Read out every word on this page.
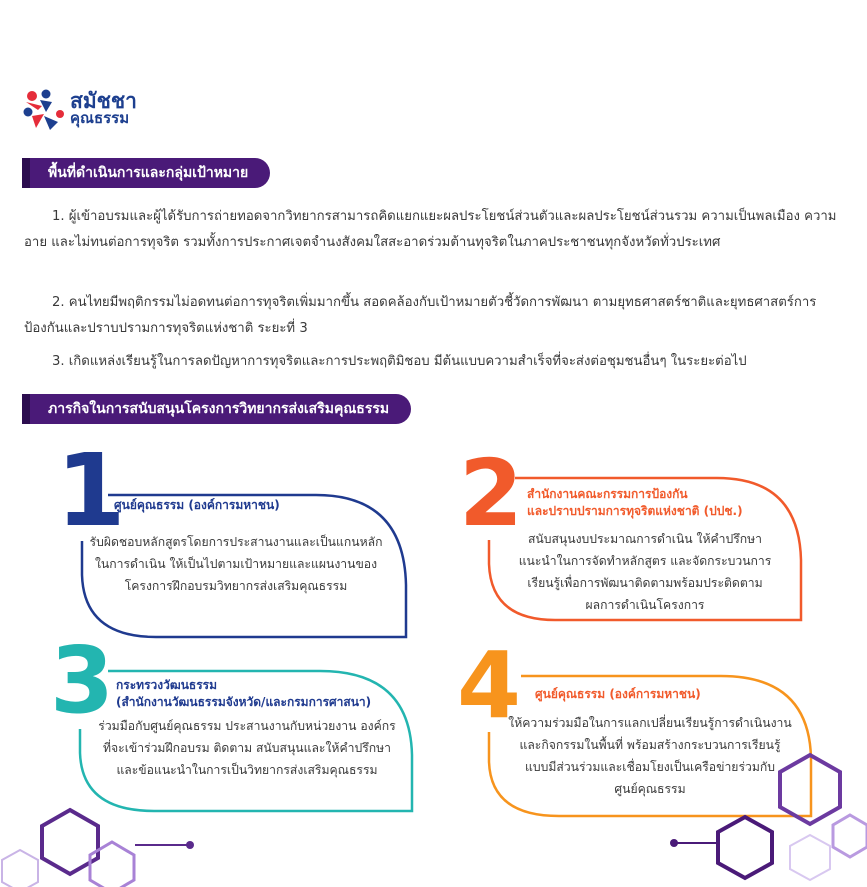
สมัชชา
คุณธรรม
พื้นที่ดำเนินการและกลุ่มเป้าหมาย
1. ผู้เข้าอบรมและผู้ได้รับการถ่ายทอดจากวิทยากรสามารถคิดแยกแยะผลประโยชน์ส่วนตัวและผลประโยชน์ส่วนรวม ความเป็นพลเมือง ความอาย และไม่ทนต่อการทุจริต รวมทั้งการประกาศเจตจำนงสังคมใสสะอาดร่วมต้านทุจริตในภาคประชาชนทุกจังหวัดทั่วประเทศ
2. คนไทยมีพฤติกรรมไม่อดทนต่อการทุจริตเพิ่มมากขึ้น สอดคล้องกับเป้าหมายตัวชี้วัดการพัฒนา ตามยุทธศาสตร์ชาติและยุทธศาสตร์การป้องกันและปราบปรามการทุจริตแห่งชาติ ระยะที่ 3
3. เกิดแหล่งเรียนรู้ในการลดปัญหาการทุจริตและการประพฤติมิชอบ มีต้นแบบความสำเร็จที่จะส่งต่อชุมชนอื่นๆ ในระยะต่อไป
ภารกิจในการสนับสนุนโครงการวิทยากรส่งเสริมคุณธรรม
1
ศูนย์คุณธรรม (องค์การมหาชน)
รับผิดชอบหลักสูตรโดยการประสานงานและเป็นแกนหลัก
ในการดำเนิน ให้เป็นไปตามเป้าหมายและแผนงานของ
โครงการฝึกอบรมวิทยากรส่งเสริมคุณธรรม
2 สำนักงานคณะกรรมการป้องกัน
และปราบปรามการทุจริตแห่งชาติ (ปปช.)
สนับสนุนงบประมาณการดำเนิน ให้คำปรึกษา
แนะนำในการจัดทำหลักสูตร และจัดกระบวนการ
เรียนรู้เพื่อการพัฒนาติดตามพร้อมประติดตาม
ผลการดำเนินโครงการ
3 กระทรวงวัฒนธรรม
(สำนักงานวัฒนธรรมจังหวัด/และกรมการศาสนา)
ร่วมมือกับศูนย์คุณธรรม ประสานงานกับหน่วยงาน องค์กร
ที่จะเข้าร่วมฝึกอบรม ติดตาม สนับสนุนและให้คำปรึกษา
และข้อแนะนำในการเป็นวิทยากรส่งเสริมคุณธรรม
4 ศูนย์คุณธรรม (องค์การมหาชน)
ให้ความร่วมมือในการแลกเปลี่ยนเรียนรู้การดำเนินงาน
และกิจกรรมในพื้นที่ พร้อมสร้างกระบวนการเรียนรู้
แบบมีส่วนร่วมและเชื่อมโยงเป็นเครือข่ายร่วมกับ
ศูนย์คุณธรรม
